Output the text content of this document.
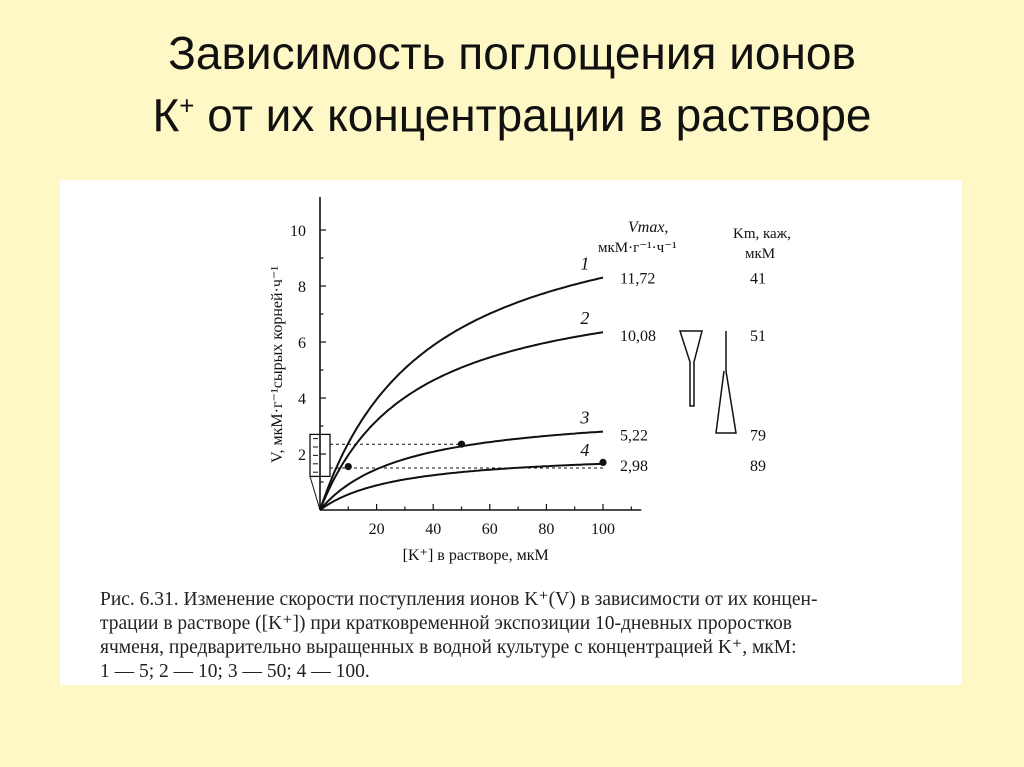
Зависимость поглощения ионов
К+ от их концентрации в растворе
20	40	60	80 100
2
4
6
8
10
[K⁺] в растворе, мкМ
V, мкМ·г⁻¹сырых корней·ч⁻¹
1
11,72	41
2
10,08	51
3
5,22	79
4
2,98	89
Vmax,
мкМ·г⁻¹·ч⁻¹
Km, каж,
мкМ
Рис. 6.31. Изменение скорости поступления ионов K⁺(V) в зависимости от их концен-
трации в растворе ([K⁺]) при кратковременной экспозиции 10-дневных проростков
ячменя, предварительно выращенных в водной культуре с концентрацией K⁺, мкМ:
1 — 5; 2 — 10; 3 — 50; 4 — 100.
